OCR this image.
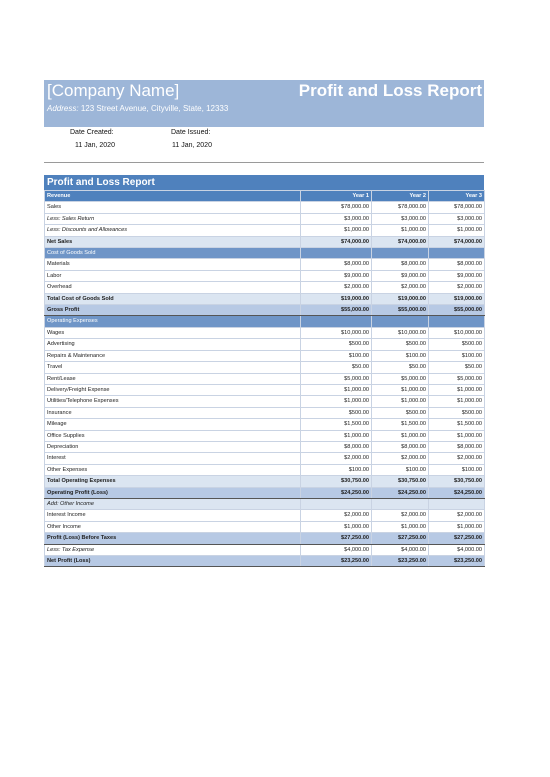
[Company Name]	Profit and Loss Report
Address: 123 Street Avenue, Cityville, State, 12333
Date Created:
11 Jan, 2020
Date Issued:
11 Jan, 2020
Profit and Loss Report
Revenue	Year 1	Year 2	Year 3
Sales	$78,000.00	$78,000.00	$78,000.00
Less: Sales Return	$3,000.00	$3,000.00	$3,000.00
Less: Discounts and Allowances	$1,000.00	$1,000.00	$1,000.00
Net Sales	$74,000.00	$74,000.00	$74,000.00
Cost of Goods Sold			
Materials	$8,000.00	$8,000.00	$8,000.00
Labor	$9,000.00	$9,000.00	$9,000.00
Overhead	$2,000.00	$2,000.00	$2,000.00
Total Cost of Goods Sold	$19,000.00	$19,000.00	$19,000.00
Gross Profit	$55,000.00	$55,000.00	$55,000.00
Operating Expenses			
Wages	$10,000.00	$10,000.00	$10,000.00
Advertising	$500.00	$500.00	$500.00
Repairs & Maintenance	$100.00	$100.00	$100.00
Travel	$50.00	$50.00	$50.00
Rent/Lease	$5,000.00	$5,000.00	$5,000.00
Delivery/Freight Expense	$1,000.00	$1,000.00	$1,000.00
Utilities/Telephone Expenses	$1,000.00	$1,000.00	$1,000.00
Insurance	$500.00	$500.00	$500.00
Mileage	$1,500.00	$1,500.00	$1,500.00
Office Supplies	$1,000.00	$1,000.00	$1,000.00
Depreciation	$8,000.00	$8,000.00	$8,000.00
Interest	$2,000.00	$2,000.00	$2,000.00
Other Expenses	$100.00	$100.00	$100.00
Total Operating Expenses	$30,750.00	$30,750.00	$30,750.00
Operating Profit (Loss)	$24,250.00	$24,250.00	$24,250.00
Add: Other Income			
Interest Income	$2,000.00	$2,000.00	$2,000.00
Other Income	$1,000.00	$1,000.00	$1,000.00
Profit (Loss) Before Taxes	$27,250.00	$27,250.00	$27,250.00
Less: Tax Expense	$4,000.00	$4,000.00	$4,000.00
Net Profit (Loss)	$23,250.00	$23,250.00	$23,250.00
